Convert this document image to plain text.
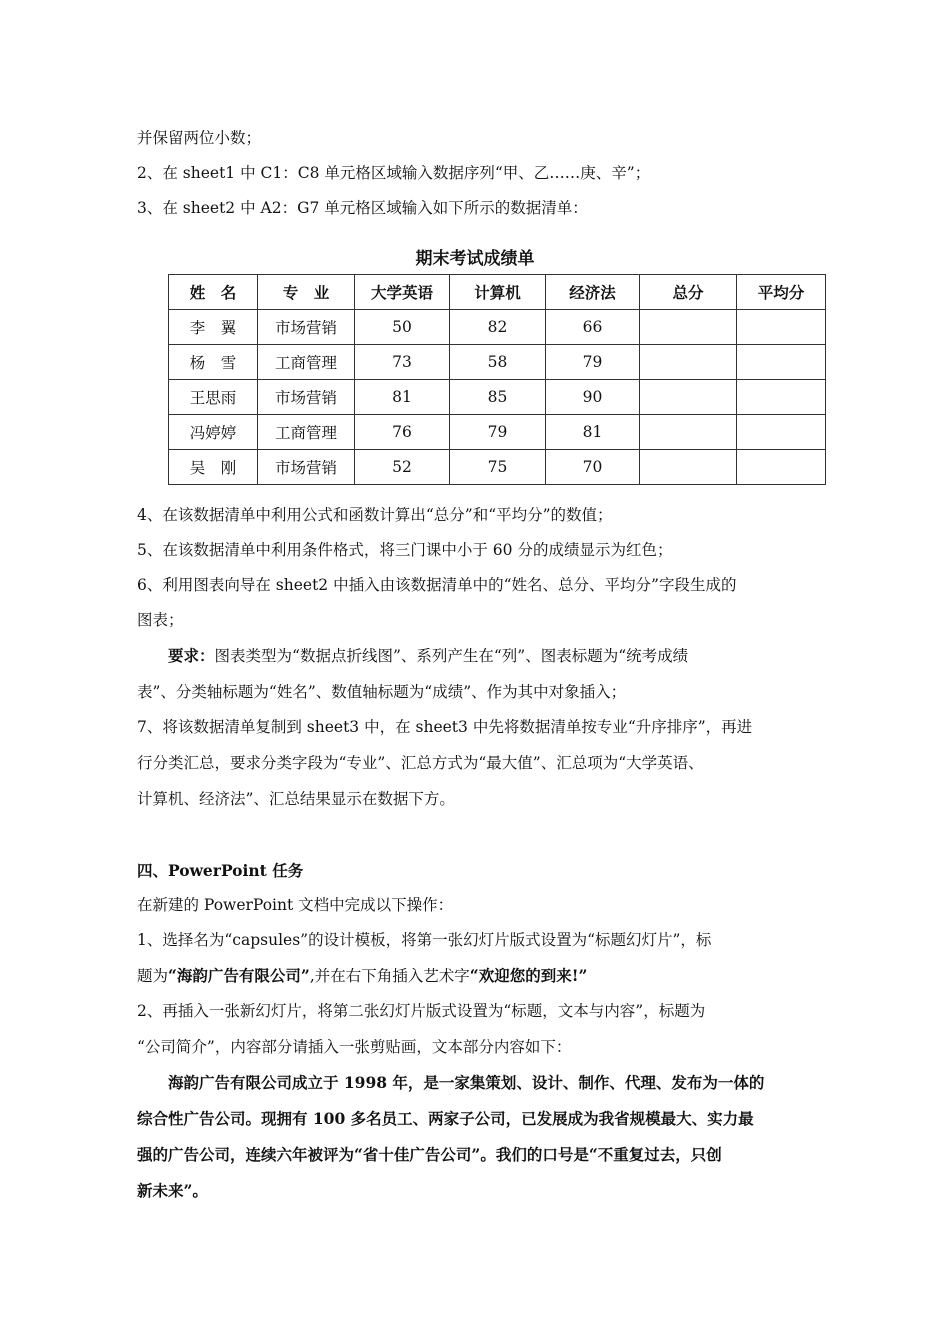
并保留两位小数；
2、在 sheet1 中 C1：C8 单元格区域输入数据序列“甲、乙……庚、辛”；
3、在 sheet2 中 A2：G7 单元格区域输入如下所示的数据清单：
期末考试成绩单
姓　名	专　业	大学英语	计算机	经济法	总分	平均分
李　翼	市场营销	50	82	66		
杨　雪	工商管理	73	58	79		
王思雨	市场营销	81	85	90		
冯婷婷	工商管理	76	79	81		
吴　刚	市场营销	52	75	70		
4、在该数据清单中利用公式和函数计算出“总分”和“平均分”的数值；
5、在该数据清单中利用条件格式，将三门课中小于 60 分的成绩显示为红色；
6、利用图表向导在 sheet2 中插入由该数据清单中的“姓名、总分、平均分”字段生成的
图表；
要求：图表类型为“数据点折线图”、系列产生在“列”、图表标题为“统考成绩
表”、分类轴标题为“姓名”、数值轴标题为“成绩”、作为其中对象插入；
7、将该数据清单复制到 sheet3 中，在 sheet3 中先将数据清单按专业“升序排序”，再进
行分类汇总，要求分类字段为“专业”、汇总方式为“最大值”、汇总项为“大学英语、
计算机、经济法”、汇总结果显示在数据下方。
四、PowerPoint 任务
在新建的 PowerPoint 文档中完成以下操作：
1、选择名为“capsules”的设计模板，将第一张幻灯片版式设置为“标题幻灯片”，标
题为“海韵广告有限公司”,并在右下角插入艺术字“欢迎您的到来!”
2、再插入一张新幻灯片，将第二张幻灯片版式设置为“标题，文本与内容”，标题为
“公司简介”，内容部分请插入一张剪贴画，文本部分内容如下：
海韵广告有限公司成立于 1998 年，是一家集策划、设计、制作、代理、发布为一体的
综合性广告公司。现拥有 100 多名员工、两家子公司，已发展成为我省规模最大、实力最
强的广告公司，连续六年被评为“省十佳广告公司”。我们的口号是“不重复过去，只创
新未来”。
